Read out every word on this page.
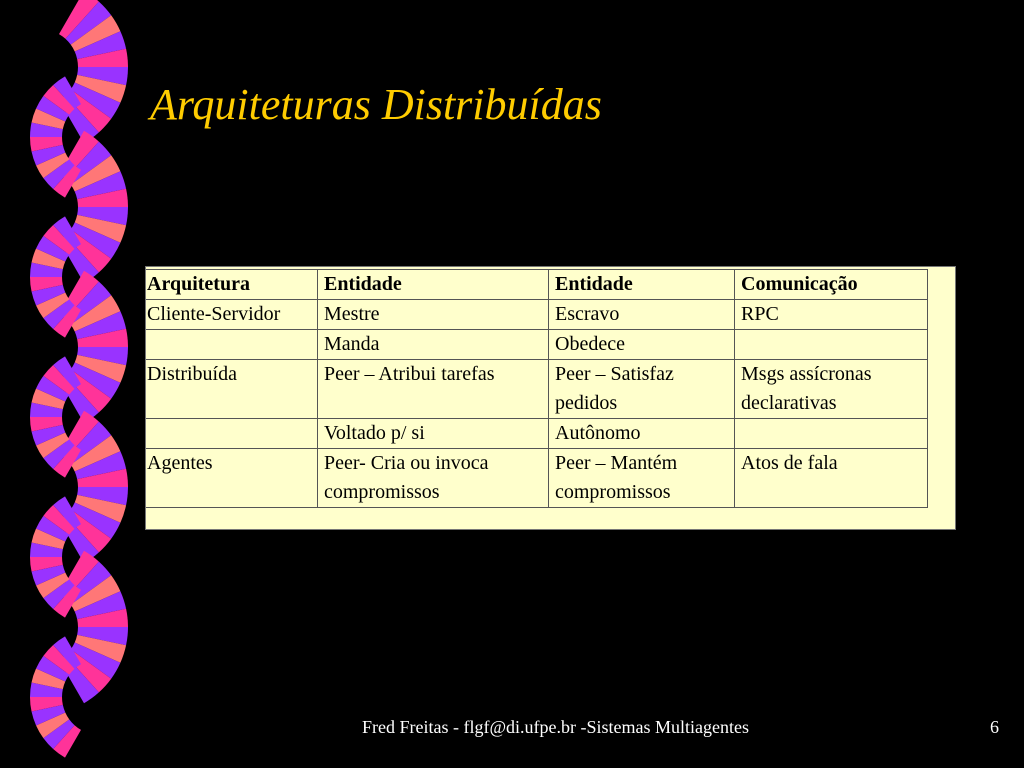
Arquiteturas Distribuídas
Arquitetura	Entidade	Entidade	Comunicação
Cliente-Servidor	Mestre	Escravo	RPC
	Manda	Obedece	
Distribuída	Peer – Atribui tarefas	Peer – Satisfaz pedidos	Msgs assícronas declarativas
	Voltado p/ si	Autônomo	
Agentes	Peer- Cria ou invoca compromissos	Peer – Mantém compromissos	Atos de fala
Fred Freitas - flgf@di.ufpe.br -Sistemas Multiagentes	6
